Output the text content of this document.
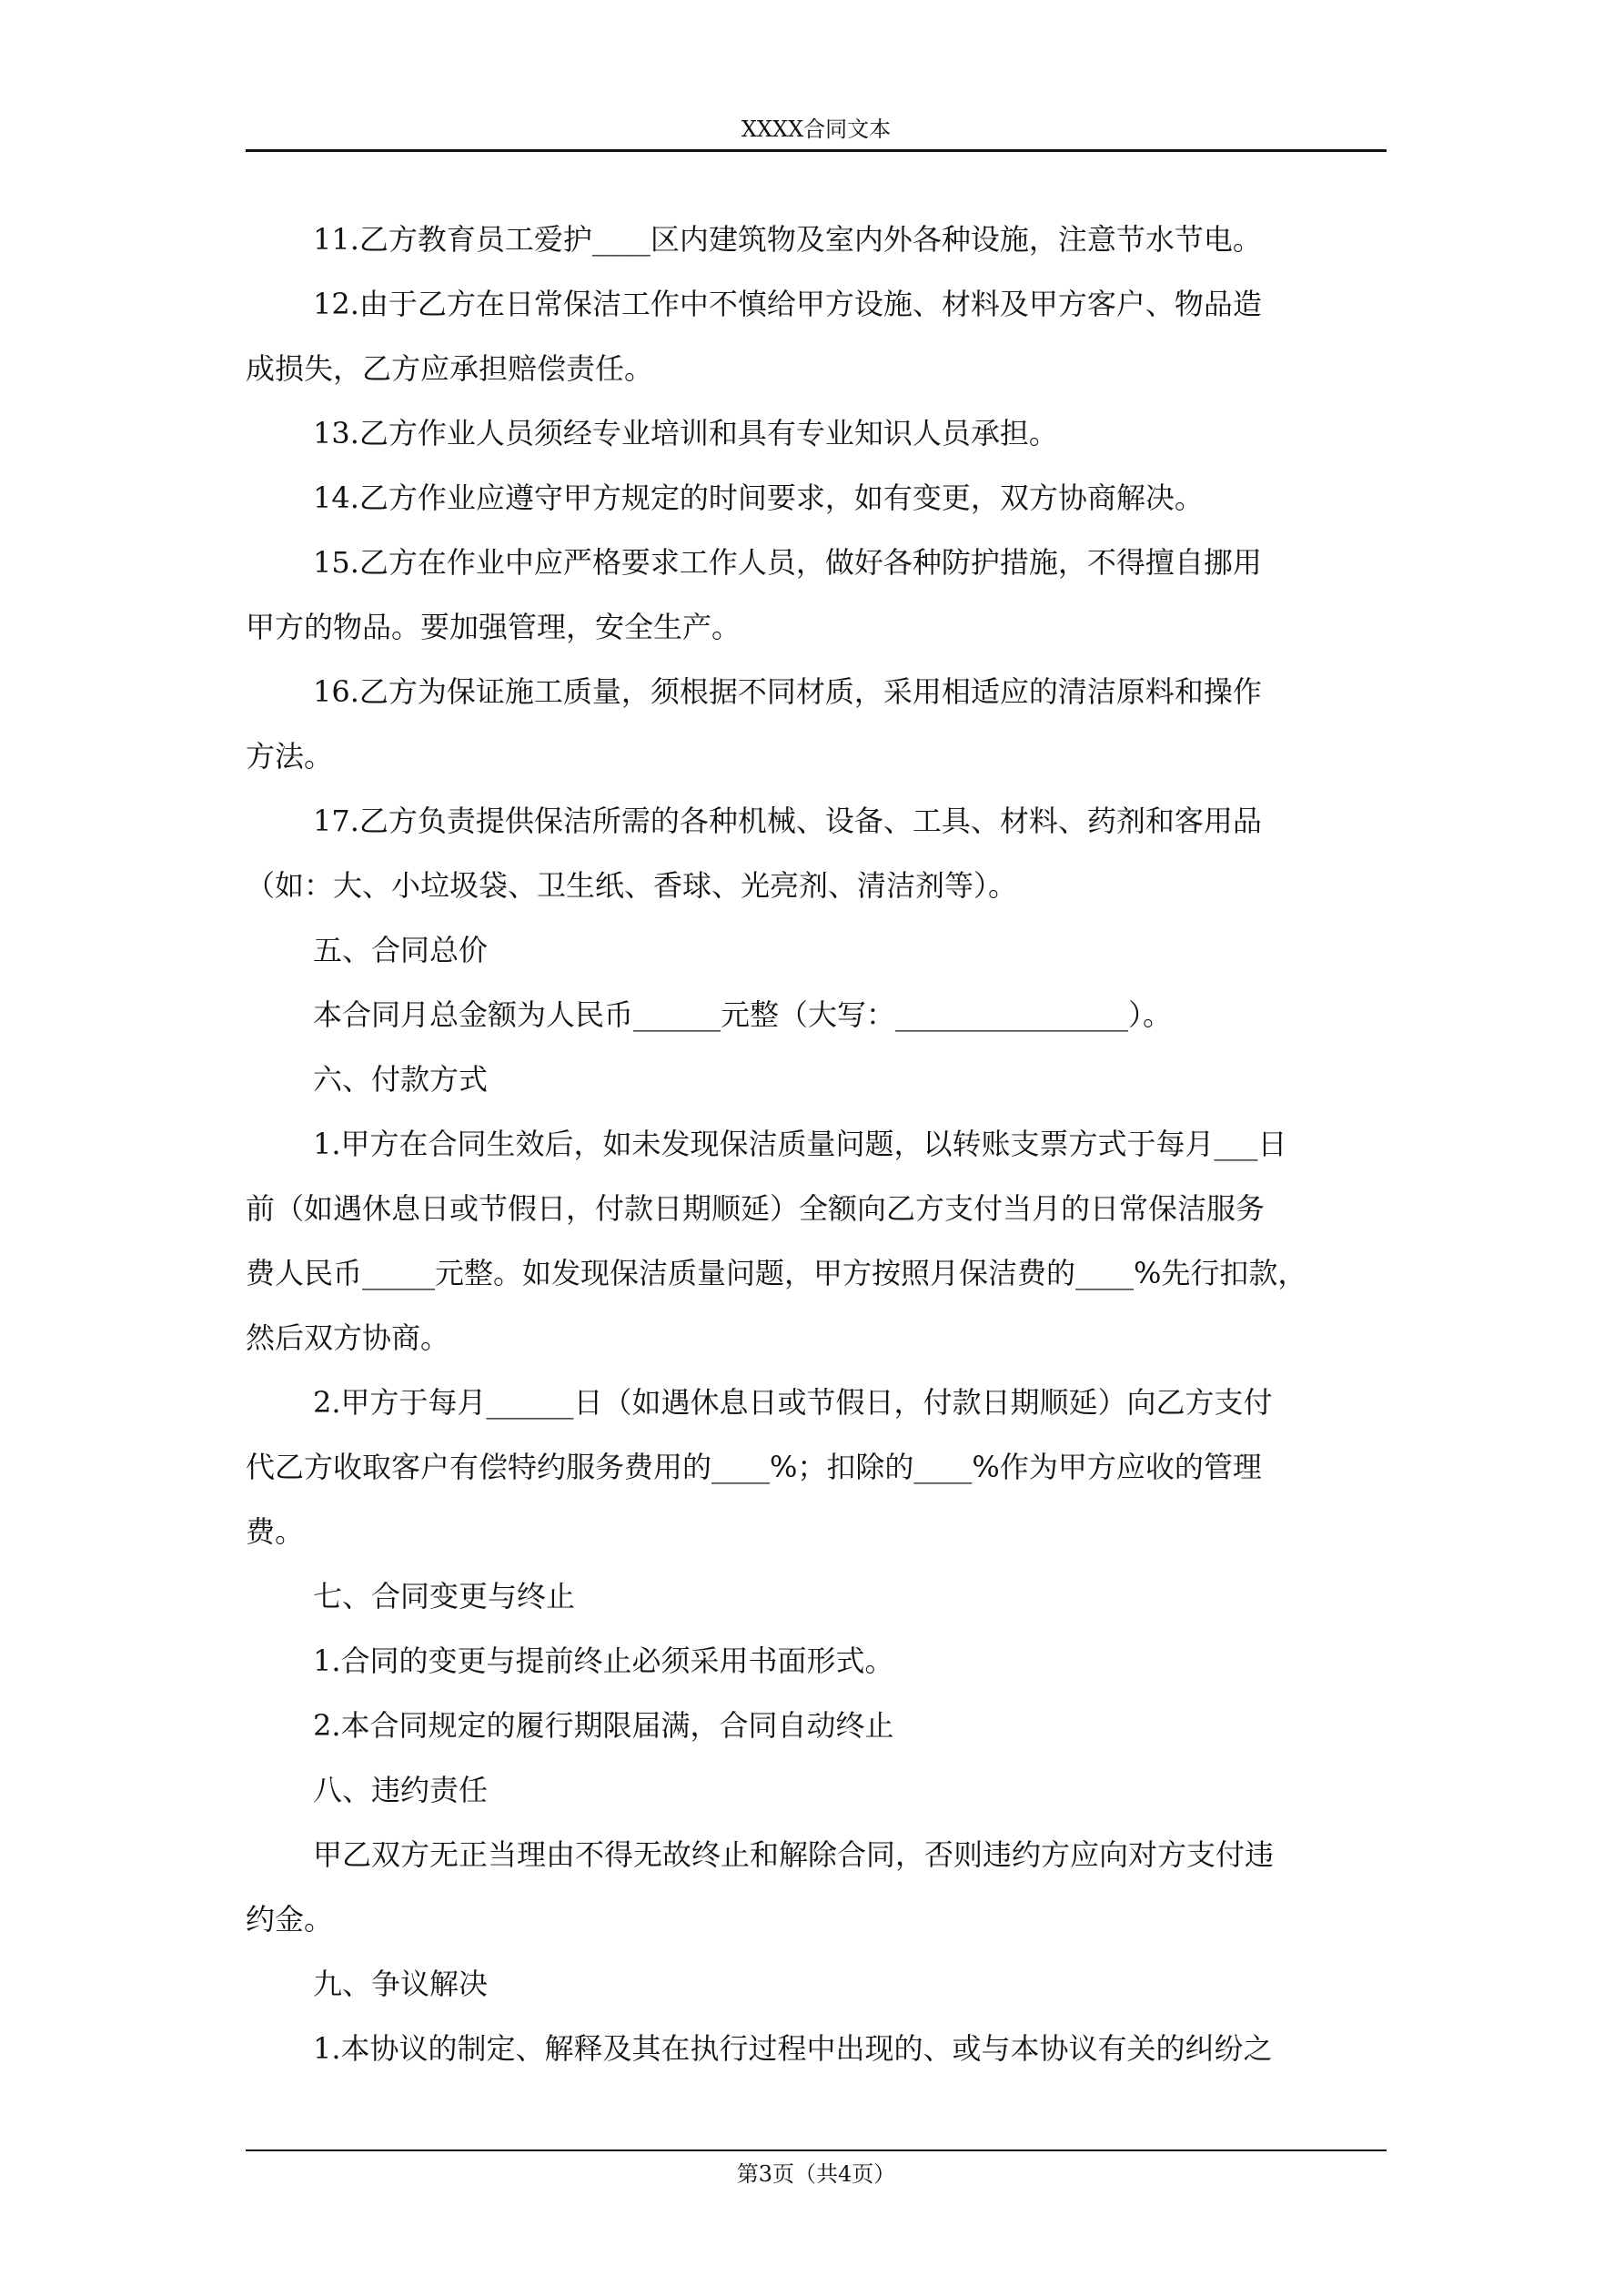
XXXX合同文本

11.乙方教育员工爱护____区内建筑物及室内外各种设施，注意节水节电。

12.由于乙方在日常保洁工作中不慎给甲方设施、材料及甲方客户、物品造

成损失，乙方应承担赔偿责任。

13.乙方作业人员须经专业培训和具有专业知识人员承担。

14.乙方作业应遵守甲方规定的时间要求，如有变更，双方协商解决。

15.乙方在作业中应严格要求工作人员，做好各种防护措施，不得擅自挪用

甲方的物品。要加强管理，安全生产。

16.乙方为保证施工质量，须根据不同材质，采用相适应的清洁原料和操作

方法。

17.乙方负责提供保洁所需的各种机械、设备、工具、材料、药剂和客用品

（如：大、小垃圾袋、卫生纸、香球、光亮剂、清洁剂等）。

五、合同总价

本合同月总金额为人民币______元整（大写：________________）。

六、付款方式

1.甲方在合同生效后，如未发现保洁质量问题，以转账支票方式于每月___日

前（如遇休息日或节假日，付款日期顺延）全额向乙方支付当月的日常保洁服务

费人民币_____元整。如发现保洁质量问题，甲方按照月保洁费的____%先行扣款，

然后双方协商。

2.甲方于每月______日（如遇休息日或节假日，付款日期顺延）向乙方支付

代乙方收取客户有偿特约服务费用的____%；扣除的____%作为甲方应收的管理

费。

七、合同变更与终止

1.合同的变更与提前终止必须采用书面形式。

2.本合同规定的履行期限届满，合同自动终止

八、违约责任

甲乙双方无正当理由不得无故终止和解除合同，否则违约方应向对方支付违

约金。

九、争议解决

1.本协议的制定、解释及其在执行过程中出现的、或与本协议有关的纠纷之

第3页（共4页）
